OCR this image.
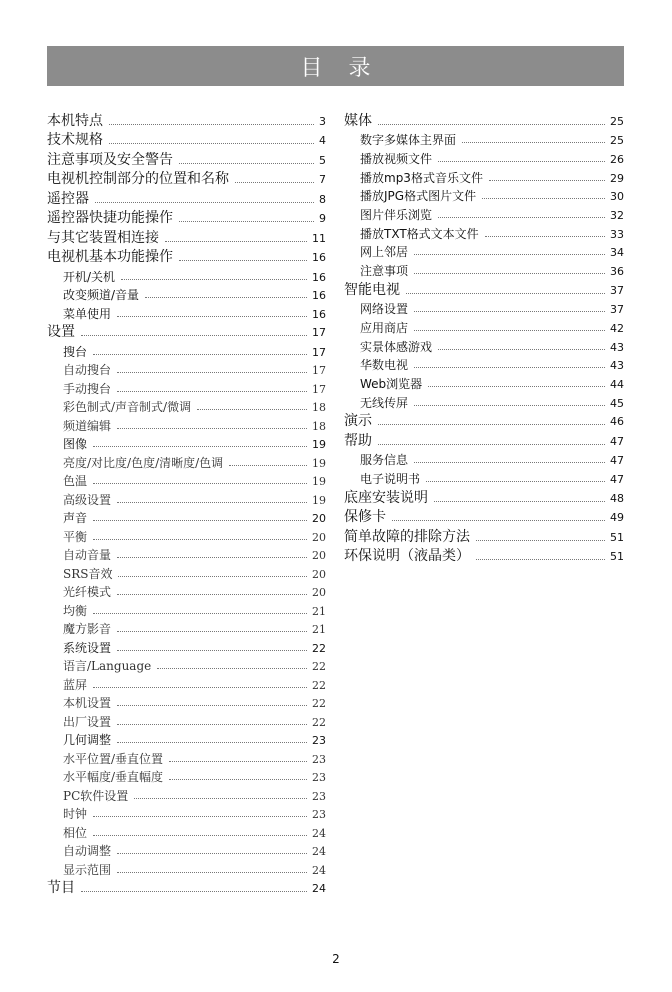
目录
本机特点	3
技术规格	4
注意事项及安全警告	5
电视机控制部分的位置和名称	7
遥控器	8
遥控器快捷功能操作	9
与其它装置相连接	11
电视机基本功能操作	16
开机/关机	16
改变频道/音量	16
菜单使用	16
设置	17
搜台	17
自动搜台	17
手动搜台	17
彩色制式/声音制式/微调	18
频道编辑	18
图像	19
亮度/对比度/色度/清晰度/色调	19
色温	19
高级设置	19
声音	20
平衡	20
自动音量	20
SRS音效	20
光纤模式	20
均衡	21
魔方影音	21
系统设置	22
语言/Language	22
蓝屏	22
本机设置	22
出厂设置	22
几何调整	23
水平位置/垂直位置	23
水平幅度/垂直幅度	23
PC软件设置	23
时钟	23
相位	24
自动调整	24
显示范围	24
节目	24
媒体	25
数字多媒体主界面	25
播放视频文件	26
播放mp3格式音乐文件	29
播放JPG格式图片文件	30
图片伴乐浏览	32
播放TXT格式文本文件	33
网上邻居	34
注意事项	36
智能电视	37
网络设置	37
应用商店	42
实景体感游戏	43
华数电视	43
Web浏览器	44
无线传屏	45
演示	46
帮助	47
服务信息	47
电子说明书	47
底座安装说明	48
保修卡	49
简单故障的排除方法	51
环保说明（液晶类）	51
2
